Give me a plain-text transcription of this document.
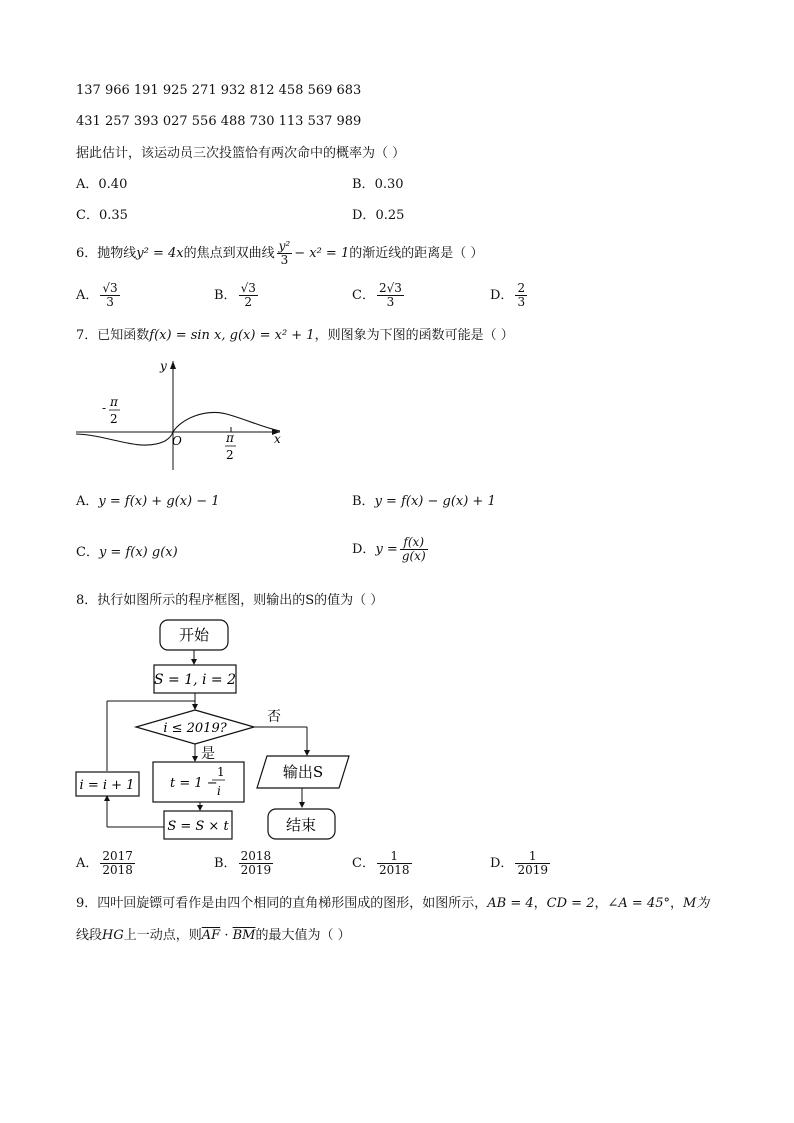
137 966 191 925 271 932 812 458 569 683
431 257 393 027 556 488 730 113 537 989
据此估计，该运动员三次投篮恰有两次命中的概率为（ ）
A．0.40	B．0.30
C．0.35	D．0.25
6．抛物线y² = 4x的焦点到双曲线 $\frac{\text{y²}}{3} - x^2 = 1$的渐近线的距离是（ ）
A． $\frac{√3}{3}$	B． $\frac{√3}{2}$	C． $\frac{2√3}{3}$	D． $\frac{2}{3}$
7．已知函数f(x) = sin x, g(x) = x² + 1，则图象为下图的函数可能是（ ）
y
x
O
- π
2
π
2
A．y = f(x) + g(x) − 1	B．y = f(x) − g(x) + 1
C．y = f(x) g(x)	D．$y = \frac{f(x)}{g(x)}$
8．执行如图所示的程序框图，则输出的S的值为（ ）
开始
S = 1, i = 2
i ≤ 2019?
否
是
t = 1 −
1
i
S = S × t
i = i + 1
输出S
结束
A． $\frac{2017}{2018}$	B． $\frac{2018}{2019}$	C． $\frac{1}{2018}$	D． $\frac{1}{2019}$
9．四叶回旋镖可看作是由四个相同的直角梯形围成的图形，如图所示，AB = 4，CD = 2，∠A = 45°，M为
线段HG上一动点，则$\overline{AF} \cdot \overline{BM}$的最大值为（ ）
